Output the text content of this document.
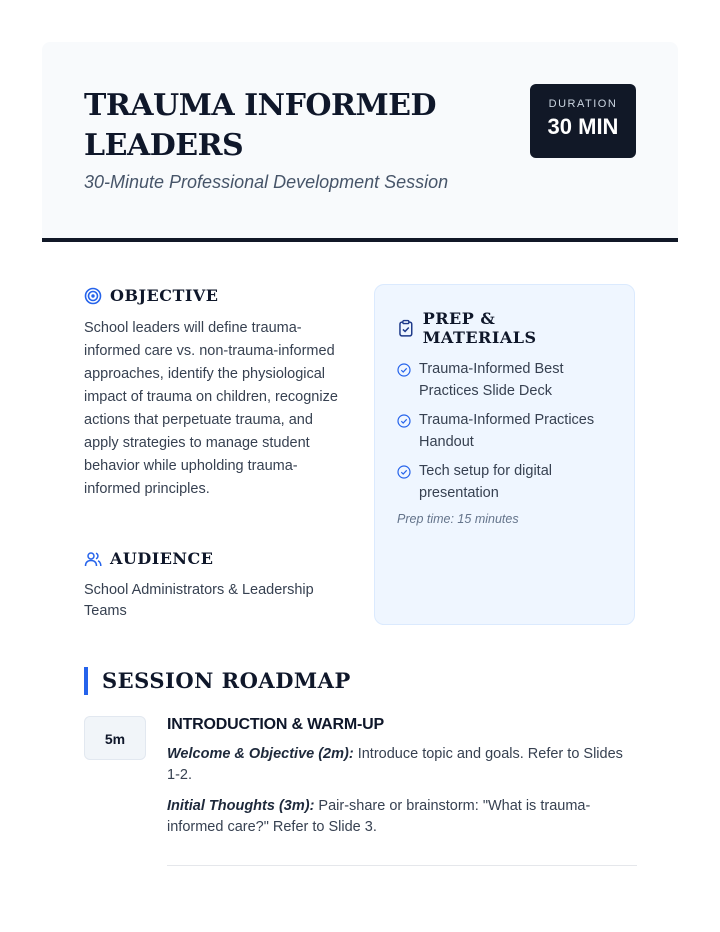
TRAUMA INFORMED LEADERS
30-Minute Professional Development Session
DURATION
30 MIN
OBJECTIVE

School leaders will define trauma-informed care vs. non-trauma-informed approaches, identify the physiological impact of trauma on children, recognize actions that perpetuate trauma, and apply strategies to manage student behavior while upholding trauma-informed principles.

AUDIENCE

School Administrators & Leadership Teams

PREP & MATERIALS
Trauma-Informed Best Practices Slide Deck
Trauma-Informed Practices Handout
Tech setup for digital presentation

Prep time: 15 minutes

SESSION ROADMAP
5m
INTRODUCTION & WARM-UP

Welcome & Objective (2m): Introduce topic and goals. Refer to Slides 1-2.

Initial Thoughts (3m): Pair-share or brainstorm: "What is trauma-informed care?" Refer to Slide 3.
